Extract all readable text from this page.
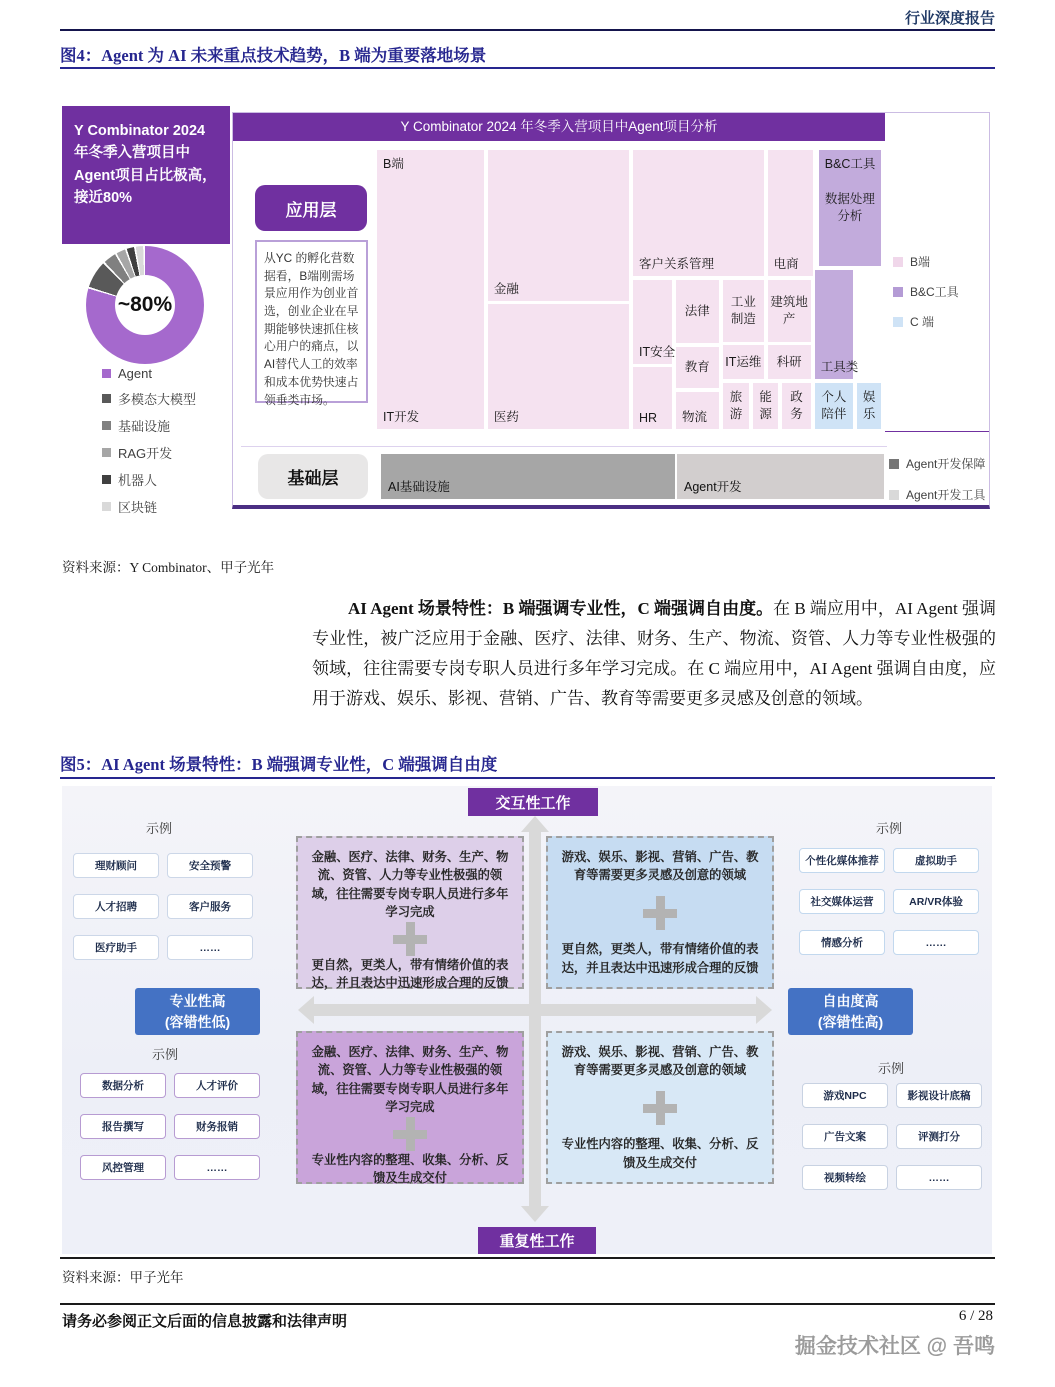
行业深度报告
图4：Agent 为 AI 未来重点技术趋势，B 端为重要落地场景
Y Combinator 2024 年冬季入营项目中Agent项目占比极高，接近80%
~80%
Agent
多模态大模型
基础设施
RAG开发
机器人
区块链
Y Combinator 2024 年冬季入营项目中Agent项目分析
应用层
从YC 的孵化营数据看，B端刚需场景应用作为创业首选，创业企业在早期能够快速抓住核心用户的痛点，以AI替代人工的效率和成本优势快速占领垂类市场。
B端
IT开发
金融
医药
客户关系管理	电商
B&C工具
数据处理分析
IT安全
HR
法律
教育
物流
工业制造
建筑地产
IT运维	科研
旅游
能源
政务
工具类
个人陪伴
娱乐
B端
B&C工具
C 端
基础层	AI基础设施	Agent开发
Agent开发保障
Agent开发工具
资料来源：Y Combinator、甲子光年

AI Agent 场景特性：B 端强调专业性，C 端强调自由度。在 B 端应用中，AI Agent 强调专业性，被广泛应用于金融、医疗、法律、财务、生产、物流、资管、人力等专业性极强的领域，往往需要专岗专职人员进行多年学习完成。在 C 端应用中，AI Agent 强调自由度，应用于游戏、娱乐、影视、营销、广告、教育等需要更多灵感及创意的领域。

图5：AI Agent 场景特性：B 端强调专业性，C 端强调自由度
交互性工作
重复性工作
专业性高
(容错性低)
自由度高
(容错性高)
示例	示例
示例
示例
金融、医疗、法律、财务、生产、物流、资管、人力等专业性极强的领域，往往需要专岗专职人员进行多年学习完成
更自然，更类人，带有情绪价值的表达，并且表达中迅速形成合理的反馈
游戏、娱乐、影视、营销、广告、教育等需要更多灵感及创意的领域
更自然，更类人，带有情绪价值的表达，并且表达中迅速形成合理的反馈
金融、医疗、法律、财务、生产、物流、资管、人力等专业性极强的领域，往往需要专岗专职人员进行多年学习完成
专业性内容的整理、收集、分析、反馈及生成交付
游戏、娱乐、影视、营销、广告、教育等需要更多灵感及创意的领域
专业性内容的整理、收集、分析、反馈及生成交付
理财顾问	安全预警
人才招聘	客户服务
医疗助手	……
个性化媒体推荐	虚拟助手
社交媒体运营	AR/VR体验
情感分析	……
数据分析	人才评价
报告撰写	财务报销
风控管理	……
游戏NPC	影视设计底稿
广告文案	评测打分
视频转绘	……
资料来源：甲子光年
请务必参阅正文后面的信息披露和法律声明	6 / 28
掘金技术社区 @ 吾鸣
